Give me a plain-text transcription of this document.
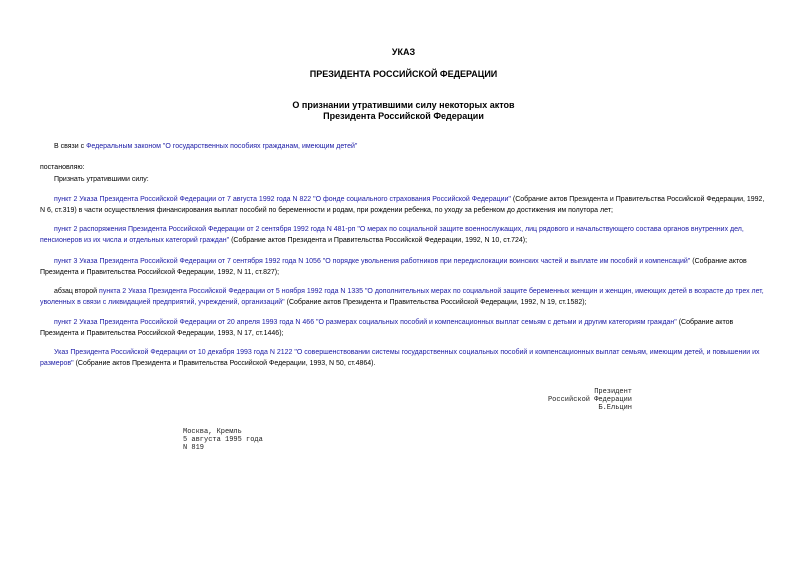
УКАЗ

ПРЕЗИДЕНТА РОССИЙСКОЙ ФЕДЕРАЦИИ

О признании утратившими силу некоторых актов
Президента Российской Федерации

В связи с Федеральным законом "О государственных пособиях гражданам, имеющим детей"

постановляю:

Признать утратившими силу:

пункт 2 Указа Президента Российской Федерации от 7 августа 1992 года N 822 "О фонде социального страхования Российской Федерации" (Собрание актов Президента и Правительства Российской Федерации, 1992, N 6, ст.319) в части осуществления финансирования выплат пособий по беременности и родам, при рождении ребенка, по уходу за ребенком до достижения им полутора лет;

пункт 2 распоряжения Президента Российской Федерации от 2 сентября 1992 года N 481-рп "О мерах по социальной защите военнослужащих, лиц рядового и начальствующего состава органов внутренних дел, пенсионеров из их числа и отдельных категорий граждан" (Собрание актов Президента и Правительства Российской Федерации, 1992, N 10, ст.724);

пункт 3 Указа Президента Российской Федерации от 7 сентября 1992 года N 1056 "О порядке увольнения работников при передислокации воинских частей и выплате им пособий и компенсаций" (Собрание актов Президента и Правительства Российской Федерации, 1992, N 11, ст.827);

абзац второй пункта 2 Указа Президента Российской Федерации от 5 ноября 1992 года N 1335 "О дополнительных мерах по социальной защите беременных женщин и женщин, имеющих детей в возрасте до трех лет, уволенных в связи с ликвидацией предприятий, учреждений, организаций" (Собрание актов Президента и Правительства Российской Федерации, 1992, N 19, ст.1582);

пункт 2 Указа Президента Российской Федерации от 20 апреля 1993 года N 466 "О размерах социальных пособий и компенсационных выплат семьям с детьми и другим категориям граждан" (Собрание актов Президента и Правительства Российской Федерации, 1993, N 17, ст.1446);

Указ Президента Российской Федерации от 10 декабря 1993 года N 2122 "О совершенствовании системы государственных социальных пособий и компенсационных выплат семьям, имеющим детей, и повышении их размеров" (Собрание актов Президента и Правительства Российской Федерации, 1993, N 50, ст.4864).

Президент
Российской Федерации
Б.Ельцин
Москва, Кремль
5 августа 1995 года
N 819
